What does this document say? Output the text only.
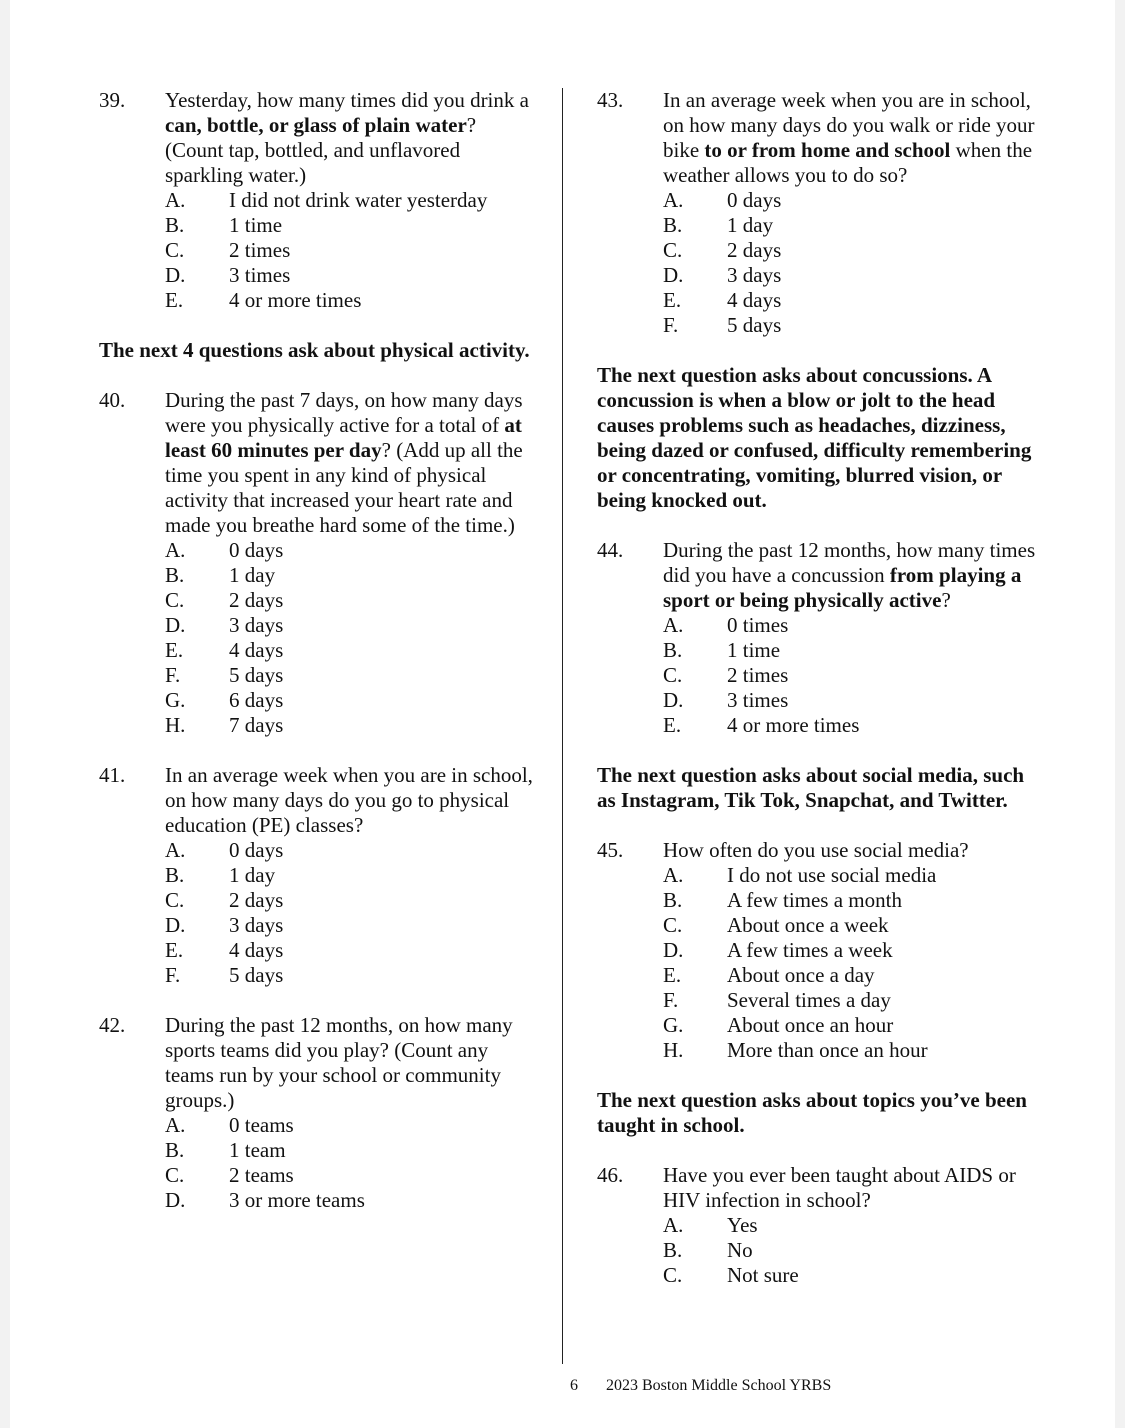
39. Yesterday, how many times did you drink a can, bottle, or glass of plain water? (Count tap, bottled, and unflavored sparkling water.)
A.	I did not drink water yesterday
B.	1 time
C.	2 times
D.	3 times
E.	4 or more times

The next 4 questions ask about physical activity.

40. During the past 7 days, on how many days were you physically active for a total of at least 60 minutes per day? (Add up all the time you spent in any kind of physical activity that increased your heart rate and made you breathe hard some of the time.)
A.	0 days
B.	1 day
C.	2 days
D.	3 days
E.	4 days
F.	5 days
G.	6 days
H.	7 days
41. In an average week when you are in school, on how many days do you go to physical education (PE) classes?
A.	0 days
B.	1 day
C.	2 days
D.	3 days
E.	4 days
F.	5 days
42. During the past 12 months, on how many sports teams did you play? (Count any teams run by your school or community groups.)
A.	0 teams
B.	1 team
C.	2 teams
D.	3 or more teams
43. In an average week when you are in school, on how many days do you walk or ride your bike to or from home and school when the weather allows you to do so?
A.	0 days
B.	1 day
C.	2 days
D.	3 days
E.	4 days
F.	5 days

The next question asks about concussions. A concussion is when a blow or jolt to the head causes problems such as headaches, dizziness, being dazed or confused, difficulty remembering or concentrating, vomiting, blurred vision, or being knocked out.

44. During the past 12 months, how many times did you have a concussion from playing a sport or being physically active?
A.	0 times
B.	1 time
C.	2 times
D.	3 times
E.	4 or more times

The next question asks about social media, such as Instagram, Tik Tok, Snapchat, and Twitter.

45. How often do you use social media?
A.	I do not use social media
B.	A few times a month
C.	About once a week
D.	A few times a week
E.	About once a day
F.	Several times a day
G.	About once an hour
H.	More than once an hour

The next question asks about topics you’ve been taught in school.

46. Have you ever been taught about AIDS or HIV infection in school?
A.	Yes
B.	No
C.	Not sure
6 2023 Boston Middle School YRBS
